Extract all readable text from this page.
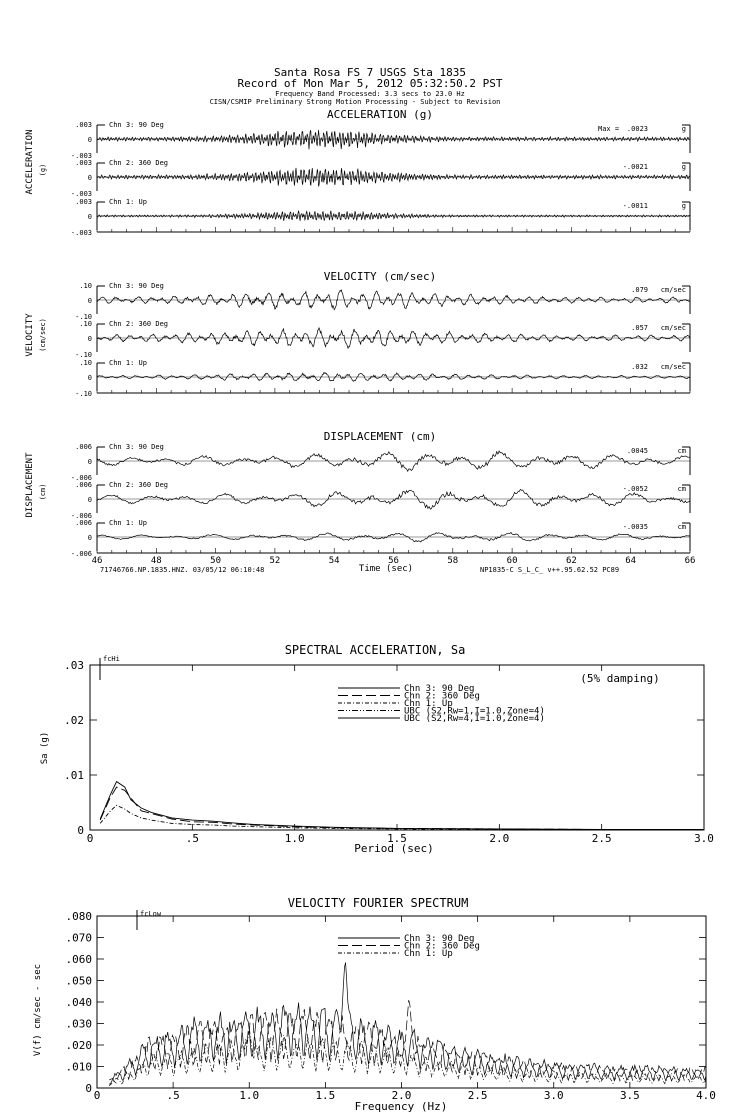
Santa Rosa FS 7 USGS Sta 1835
Record of Mon Mar 5, 2012 05:32:50.2 PST
Frequency Band Processed: 3.3 secs to 23.0 Hz
CISN/CSMIP Preliminary Strong Motion Processing - Subject to Revision
ACCELERATION (g)
VELOCITY (cm/sec)
DISPLACEMENT (cm)
ACCELERATION (g)
VELOCITY (cm/sec)
DISPLACEMENT (cm)
.003
0
-.003
Chn 3: 90 Deg	Max = .0023	g
.003
0
-.003
Chn 2: 360 Deg	-.0021	g
.003
0
-.003
Chn 1: Up	-.0011	g
.10
0
-.10
Chn 3: 90 Deg	.079 cm/sec
.10
0
-.10
Chn 2: 360 Deg	.057 cm/sec
.10
0
-.10
Chn 1: Up	.032 cm/sec
.006
0
-.006
Chn 3: 90 Deg	.0045	cm
.006
0
-.006
Chn 2: 360 Deg	-.0052	cm
.006
0
-.006
Chn 1: Up	-.0035	cm
46	48	50	52	54	56	58	60	62	64	66
Time (sec)
71746766.NP.1835.HNZ. 03/05/12 06:10:48	NP1835-C S_L_C_ v++.95.62.52 PC89
SPECTRAL ACCELERATION, Sa
(5% damping)
fcHi
Sa (g)
Period (sec)
0	.5	1.0	1.5	2.0	2.5	3.0
0
.01
.02
.03
Chn 3: 90 Deg
Chn 2: 360 Deg
Chn 1: Up
UBC (S2,Rw=1,I=1.0,Zone=4)
UBC (S2,Rw=4,I=1.0,Zone=4)
VELOCITY FOURIER SPECTRUM
fcLow
V(f) cm/sec - sec
Frequency (Hz)
0	.5	1.0	1.5	2.0	2.5	3.0	3.5	4.0
0
.010
.020
.030
.040
.050
.060
.070
.080
Chn 3: 90 Deg
Chn 2: 360 Deg
Chn 1: Up
